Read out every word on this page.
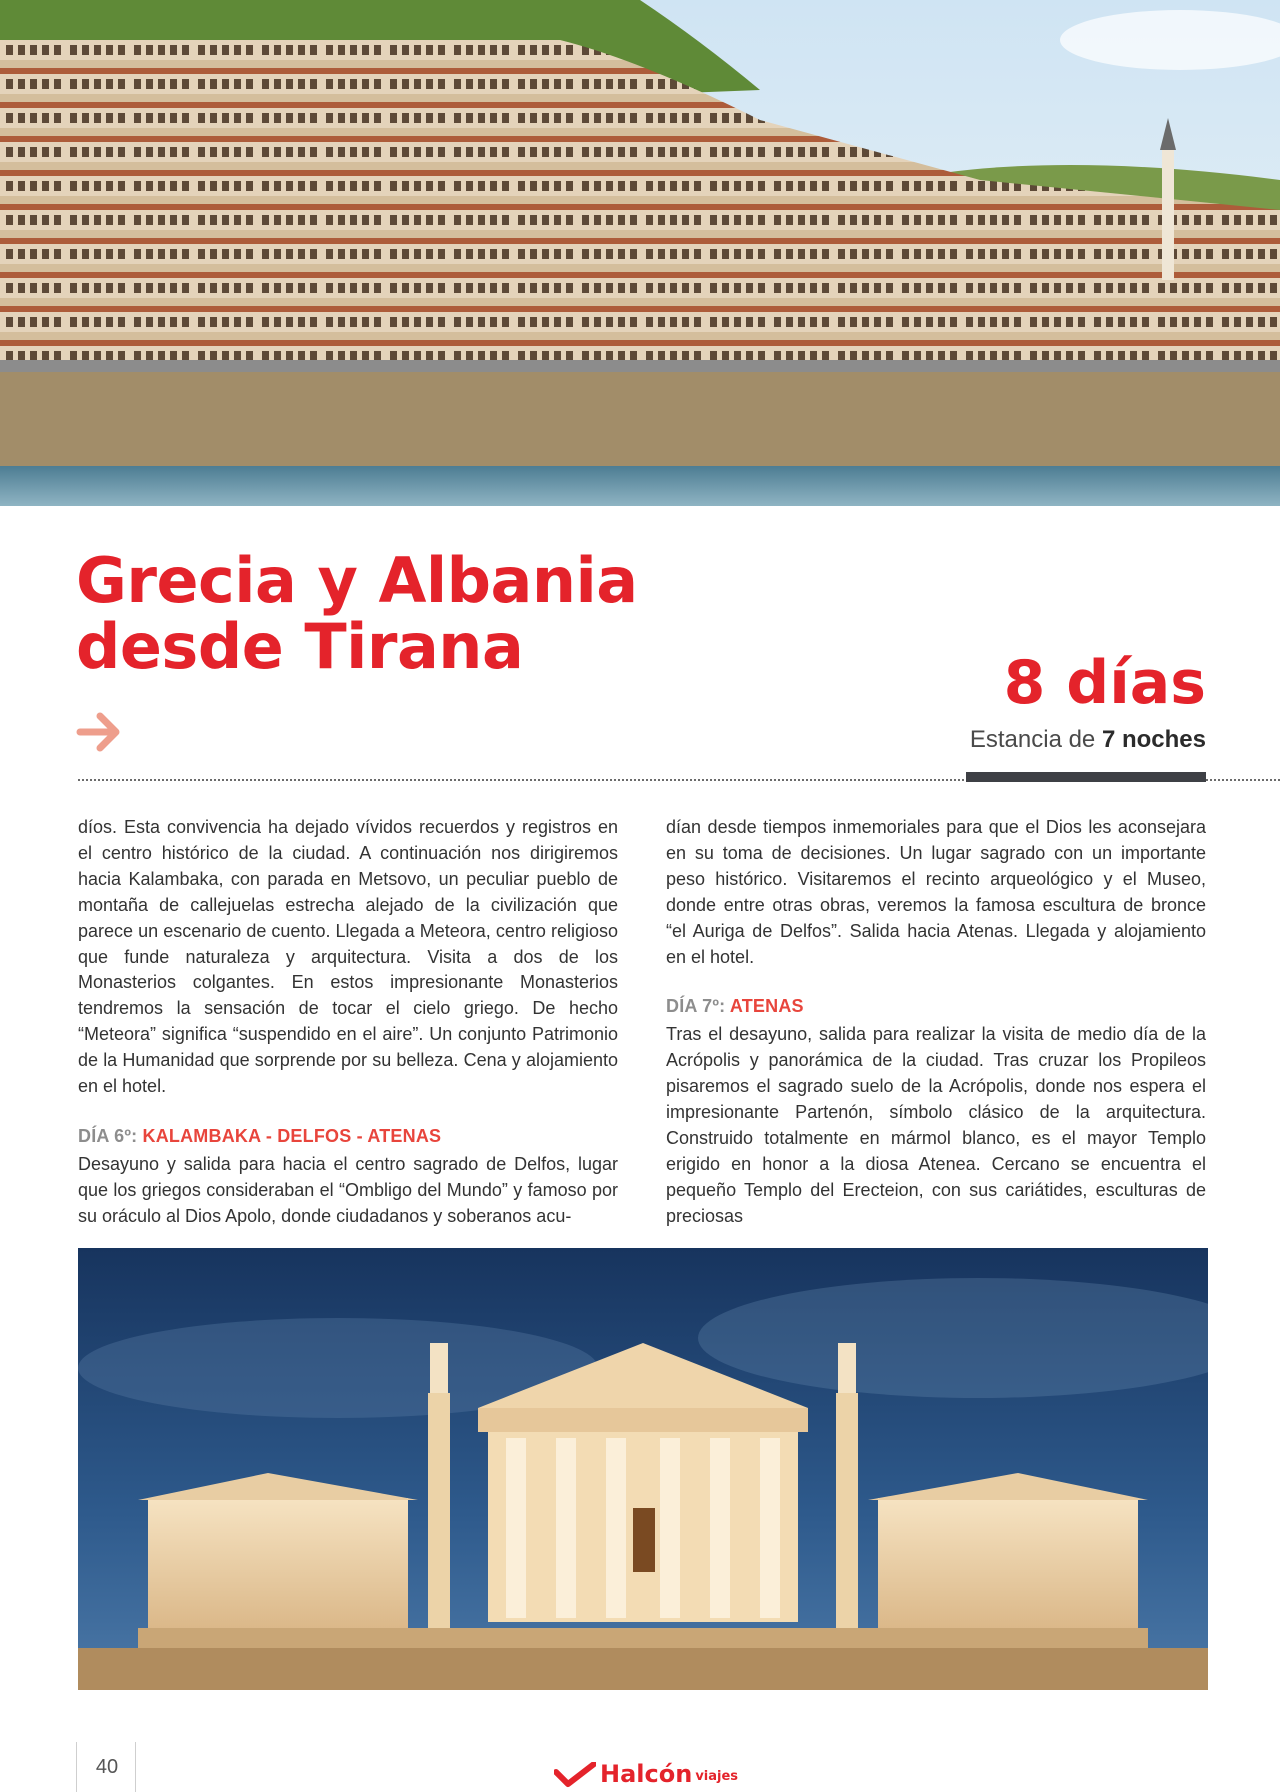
Grecia y Albania
desde Tirana	8 días
Estancia de 7 noches

díos. Esta convivencia ha dejado vívidos recuerdos y registros en el centro histórico de la ciudad. A continuación nos dirigiremos hacia Kalambaka, con parada en Metsovo, un peculiar pueblo de montaña de callejuelas estrecha alejado de la civilización que parece un escenario de cuento. Llegada a Meteora, centro religioso que funde naturaleza y arquitectura. Visita a dos de los Monasterios colgantes. En estos impresionante Monasterios tendremos la sensación de tocar el cielo griego. De hecho “Meteora” significa “suspendido en el aire”. Un conjunto Patrimonio de la Humanidad que sorprende por su belleza. Cena y alojamiento en el hotel.

DÍA 6º: KALAMBAKA - DELFOS - ATENAS

Desayuno y salida para hacia el centro sagrado de Delfos, lugar que los griegos consideraban el “Ombligo del Mundo” y famoso por su oráculo al Dios Apolo, donde ciudadanos y soberanos acu-

dían desde tiempos inmemoriales para que el Dios les aconsejara en su toma de decisiones. Un lugar sagrado con un importante peso histórico. Visitaremos el recinto arqueológico y el Museo, donde entre otras obras, veremos la famosa escultura de bronce “el Auriga de Delfos”. Salida hacia Atenas. Llegada y alojamiento en el hotel.

DÍA 7º: ATENAS

Tras el desayuno, salida para realizar la visita de medio día de la Acrópolis y panorámica de la ciudad. Tras cruzar los Propileos pisaremos el sagrado suelo de la Acrópolis, donde nos espera el impresionante Partenón, símbolo clásico de la arquitectura. Construido totalmente en mármol blanco, es el mayor Templo erigido en honor a la diosa Atenea. Cercano se encuentra el pequeño Templo del Erecteion, con sus cariátides, esculturas de preciosas

40	Halcón viajes
